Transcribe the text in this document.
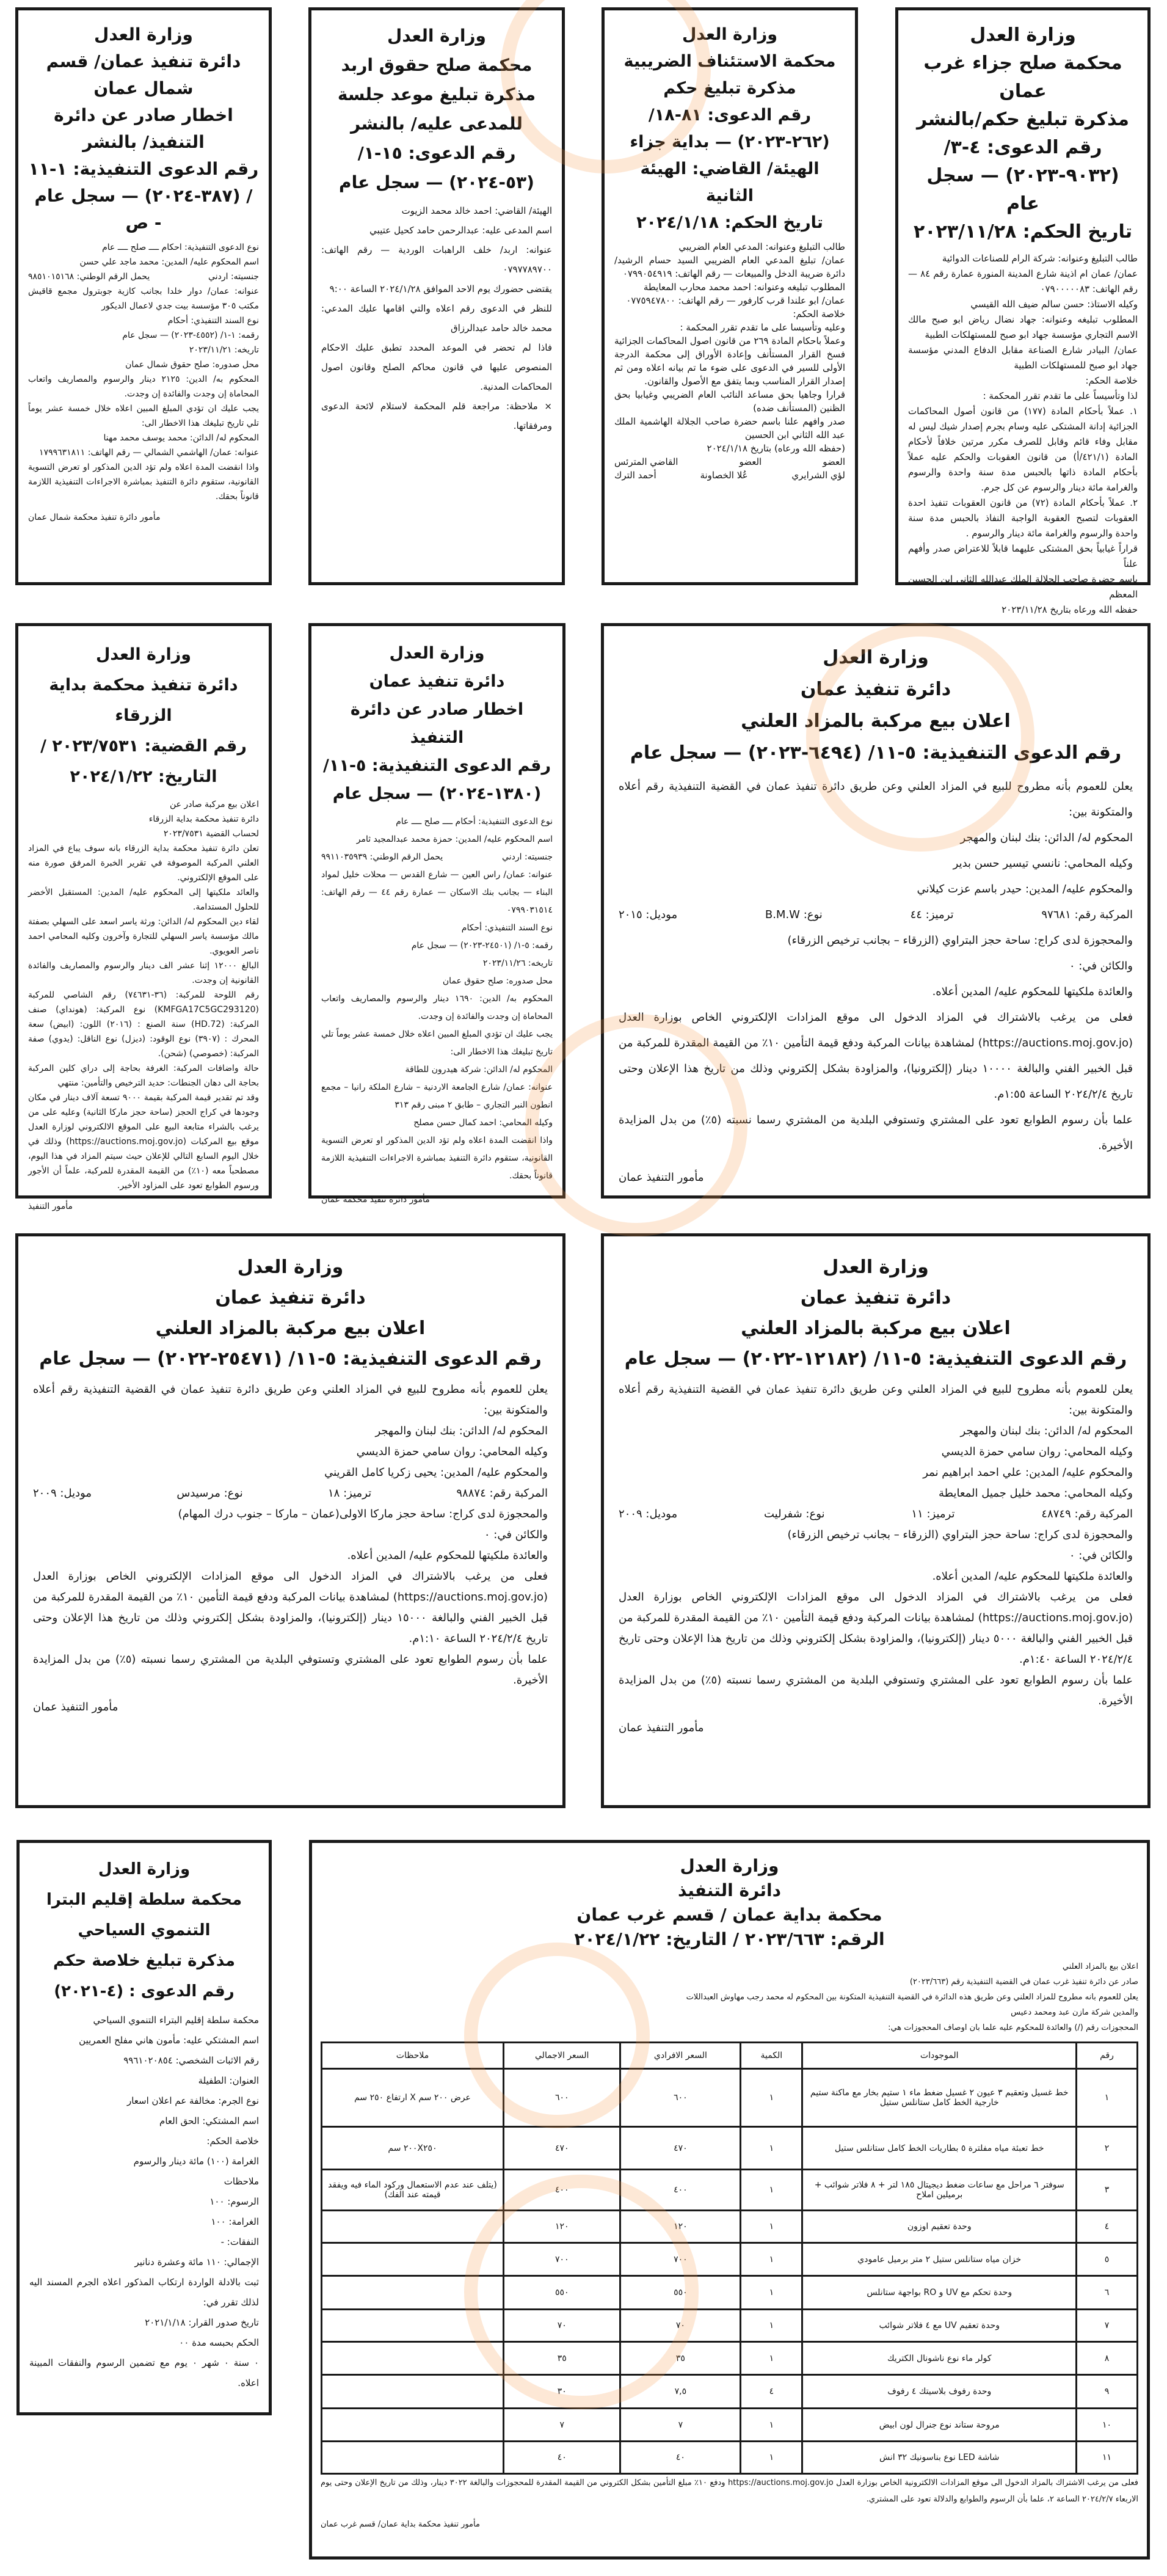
وزارة العدل
محكمة صلح جزاء غرب عمان
مذكرة تبليغ حكم/بالنشر
رقم الدعوى: ٤-٣/ (٩٠٣٢-٢٠٢٣) — سجل عام
تاريخ الحكم: ٢٠٢٣/١١/٢٨

طالب التبليغ وعنوانه: شركة الرام للصناعات الدوائية

عمان/ عمان ام اذينة شارع المدينة المنورة عمارة رقم ٨٤ — رقم الهاتف: ٠٧٩٠٠٠٠٠٨٣

وكيله الاستاذ: حسن سالم ضيف الله القيسي

المطلوب تبليغه وعنوانه: جهاد نضال رياض ابو صبح مالك الاسم التجاري مؤسسة جهاد ابو صبح للمستهلكات الطبية

عمان/ البيادر شارع الصناعة مقابل الدفاع المدني مؤسسة جهاد ابو صبح للمستهلكات الطبية

خلاصة الحكم:

لذا وتأسيساً على ما تقدم تقرر المحكمة :

١. عملاً بأحكام المادة (١٧٧) من قانون أصول المحاكمات الجزائية إدانة المشتكى عليه وسام بجرم إصدار شيك ليس له مقابل وفاء قائم وقابل للصرف مكرر مرتين خلافاً لأحكام المادة (٤٢١/١/أ) من قانون العقوبات والحكم عليه عملاً بأحكام المادة ذاتها بالحبس مدة سنة واحدة والرسوم والغرامة مائة دينار والرسوم عن كل جرم.

٢. عملاً بأحكام المادة (٧٢) من قانون العقوبات تنفيذ احدة العقوبات لتصبح العقوبة الواجبة النفاذ بالحبس مدة سنة واحدة والرسوم والغرامة مائة دينار والرسوم .

قراراً غيابياً بحق المشتكى عليهما قابلاً للاعتراض صدر وأفهم علناً

باسم حضرة صاحب الجلالة الملك عبدالله الثاني ابن الحسين المعظم

حفظه الله ورعاه بتاريخ ٢٠٢٣/١١/٢٨

وزارة العدل
محكمة الاستئناف الضريبية
مذكرة تبليغ حكم
رقم الدعوى: ٨١-١٨/ (٢٦٢-٢٠٢٣) — بداية جزاء
الهيئة/ القاضي: الهيئة الثانية
تاريخ الحكم: ٢٠٢٤/١/١٨

طالب التبليغ وعنوانه: المدعي العام الضريبي

عمان/ تبليغ المدعي العام الضريبي السيد حسام الرشيد/ دائرة ضريبة الدخل والمبيعات — رقم الهاتف: ٠٧٩٩٠٥٤٩١٩

المطلوب تبليغه وعنوانه: احمد محمد محارب المعايطة

عمان/ ابو علندا قرب كارفور — رقم الهاتف: ٠٧٧٥٩٤٧٨٠٠

خلاصة الحكم:

وعليه وتأسيسا على ما تقدم تقرر المحكمة :

وعملاً باحكام المادة ٢٦٩ من قانون اصول المحاكمات الجزائية فسخ القرار المستأنف وإعادة الأوراق إلى محكمة الدرجة الأولى للسير في الدعوى على ضوء ما تم بيانه اعلاه ومن ثم إصدار القرار المناسب وبما يتفق مع الأصول والقانون.

قرارا وجاهيا بحق مساعد النائب العام الضريبي وغيابيا بحق الظنين (المستأنف ضده)

صدر وافهم علنا باسم حضرة صاحب الجلالة الهاشمية الملك عبد الله الثاني ابن الحسين

(حفظه الله ورعاه) بتاريخ ٢٠٢٤/١/١٨

العضو
العضو
القاضي المترئس
لؤي الشرايري
عُلا الخصاونة
أحمد الترك
وزارة العدل
محكمة صلح حقوق اربد
مذكرة تبليغ موعد جلسة للمدعى عليه/ بالنشر
رقم الدعوى: ١٥-١/ (٥٣-٢٠٢٤) — سجل عام

الهيئة/ القاضي: احمد خالد محمد الزيوت

اسم المدعى عليه: عبدالرحمن حامد كحيل عتيبي

عنوانه: اربد/ خلف الراهبات الوردية — رقم الهاتف: ٠٧٩٧٧٨٩٧٠٠

يقتضى حضورك يوم الاحد الموافق ٢٠٢٤/١/٢٨ الساعة ٩:٠٠

للنظر في الدعوى رقم اعلاه والتي اقامها عليك المدعي: محمد خالد حامد عبدالرزاق

فاذا لم تحضر في الموعد المحدد تطبق عليك الاحكام المنصوص عليها في قانون محاكم الصلح وقانون اصول المحاكمات المدنية.

× ملاحظة: مراجعة قلم المحكمة لاستلام لائحة الدعوى ومرفقاتها.

وزارة العدل
دائرة تنفيذ عمان/ قسم شمال عمان
اخطار صادر عن دائرة التنفيذ/ بالنشر
رقم الدعوى التنفيذية: ١-١١ / (٣٨٧-٢٠٢٤) — سجل عام - ص

نوع الدعوى التنفيذية: احكام ــــ صلح ــــ عام

اسم المحكوم عليه/ المدين: محمد ماجد علي حسن

جنسيته: اردني
يحمل الرقم الوطني: ٩٨٥١٠١٥١٦٨

عنوانه: عمان/ دوار خلدا بجانب كازية جوبترول مجمع قاقيش مكتب ٣٠٥ مؤسسة بيت جدي لاعمال الديكور

نوع السند التنفيذي: أحكام

رقمه: ١-١/ (٤٥٥٢-٢٠٢٣) — سجل عام

تاريخه: ٢٠٢٣/١١/٢١

محل صدوره: صلح حقوق شمال عمان

المحكوم به/ الدين: ٢١٢٥ دينار والرسوم والمصاريف واتعاب المحاماة إن وجدت والفائدة إن وجدت.

يجب عليك ان تؤدي المبلغ المبين اعلاه خلال خمسة عشر يوماً تلي تاريخ تبليغك هذا الاخطار الى:

المحكوم له/ الدائن: محمد يوسف محمد مهنا

عنوانه: عمان/ الهاشمي الشمالي — رقم الهاتف: ١٧٩٩٦٣١٨١١

واذا انقضت المدة اعلاه ولم تؤد الدين المذكور او تعرض التسوية القانونية، ستقوم دائرة التنفيذ بمباشرة الاجراءات التنفيذية اللازمة قانوناً بحقك.

مأمور دائرة تنفيذ محكمة شمال عمان

وزارة العدل
دائرة تنفيذ عمان
اعلان بيع مركبة بالمزاد العلني
رقم الدعوى التنفيذية: ٥-١١/ (٦٤٩٤-٢٠٢٣) — سجل عام

يعلن للعموم بأنه مطروح للبيع في المزاد العلني وعن طريق دائرة تنفيذ عمان في القضية التنفيذية رقم أعلاه والمتكونة بين:

المحكوم له/ الدائن: بنك لبنان والمهجر

وكيله المحامي: نانسي تيسير حسن بدير

والمحكوم عليه/ المدين: حيدر باسم عزت كيلاني

المركبة رقم: ٩٧٦٨١
ترميز: ٤٤
نوع: B.M.W
موديل: ٢٠١٥

والمحجوزة لدى كراج: ساحة حجز البتراوي (الزرقاء – بجانب ترخيص الزرقاء)

والكائن في: ٠

والعائدة ملكيتها للمحكوم عليه/ المدين أعلاه.

فعلى من يرغب بالاشتراك في المزاد الدخول الى موقع المزادات الإلكتروني الخاص بوزارة العدل (https://auctions.moj.gov.jo) لمشاهدة بيانات المركبة ودفع قيمة التأمين ١٠٪ من القيمة المقدرة للمركبة من قبل الخبير الفني والبالغة ١٠٠٠٠ دينار (إلكترونيا)، والمزاودة بشكل إلكتروني وذلك من تاريخ هذا الإعلان وحتى تاريخ ٢٠٢٤/٢/٤ الساعة ١:٥٥م.

علما بأن رسوم الطوابع تعود على المشتري وتستوفي البلدية من المشتري رسما نسبته (٥٪) من بدل المزايدة الأخيرة.

مأمور التنفيذ عمان

وزارة العدل
دائرة تنفيذ عمان
اخطار صادر عن دائرة التنفيذ
رقم الدعوى التنفيذية: ٥-١١/ (١٣٨٠-٢٠٢٤) — سجل عام

نوع الدعوى التنفيذية: أحكام ــــ صلح ــــ عام

اسم المحكوم عليه/ المدين: حمزة محمد عبدالمجيد ثامر

جنسيته: اردني
يحمل الرقم الوطني: ٩٩١١٠٣٥٩٣٩

عنوانه: عمان/ راس العين — شارع القدس — محلات خليل لمواد البناء — بجانب بنك الاسكان — عمارة رقم ٤٤ — رقم الهاتف: ٠٧٩٩٠٣١٥١٤

نوع السند التنفيذي: أحكام

رقمه: ٥-١/ (٢٤٥٠١-٢٠٢٣) — سجل عام

تاريخه: ٢٠٢٣/١١/٢٦

محل صدوره: صلح حقوق عمان

المحكوم به/ الدين: ١٦٩٠ دينار والرسوم والمصاريف واتعاب المحاماة إن وجدت والفائدة إن وجدت.

يجب عليك ان تؤدي المبلغ المبين اعلاه خلال خمسة عشر يوماً تلي تاريخ تبليغك هذا الاخطار الى:

المحكوم له/ الدائن: شركة هيدرون للطاقة

عنوانه: عمان/ شارع الجامعة الاردنية – شارع الملكة رانيا – مجمع انطون النبر التجاري – طابق ٢ مبنى رقم ٣١٣

وكيله المحامي: احمد كمال حسن مصلح

واذا انقضت المدة اعلاه ولم تؤد الدين المذكور او تعرض التسوية القانونية، ستقوم دائرة التنفيذ بمباشرة الاجراءات التنفيذية اللازمة قانوناً بحقك.

مأمور دائرة تنفيذ محكمة عمان

وزارة العدل
دائرة تنفيذ محكمة بداية الزرقاء
رقم القضية: ٢٠٢٣/٧٥٣١ / التاريخ: ٢٠٢٤/١/٢٢

اعلان بيع مركبة صادر عن

دائرة تنفيذ محكمة بداية الزرقاء

لحساب القضية ٢٠٢٣/٧٥٣١

تعلن دائرة تنفيذ محكمة بداية الزرقاء بانه سوف يباع في المزاد العلني المركبة الموصوفة في تقرير الخبرة المرفق صورة منه على الموقع الإلكتروني.

والعائد ملكيتها إلى المحكوم عليه/ المدين: المستقبل الأخضر للحلول المستدامة.

لقاء دين المحكوم له/ الدائن: ورثة ياسر اسعد على السهلي بصفتة مالك مؤسسة ياسر السهلي للتجارة وآخرون وكليه المحامي احمد ناصر العويوي.

البالغ ١٢٠٠٠ إثنا عشر الف دينار والرسوم والمصاريف والفائدة القانونية إن وجدت.

رقم اللوحة للمركبة: (٣٦-٧٤٦٣١) رقم الشاصي للمركبة (KMFGA17C5GC293120) نوع المركبة: (هونداي) صنف المركبة: (HD.72) سنة الصنع : (٢٠١٦) اللون: (ابيض) سعة المحرك : (٣٩٠٧) نوع الوقود: (ديزل) نوع الناقل: (يدوي) صفة المركبة: (خصوصي) (شحن).

حالة واضافات المركبة: الغرفة بحاجة إلى دراي كلين المركبة بحاجة الى دهان الجنطات: حديد الترخيص والتأمين: منتهي

وقد تم تقدير قيمة المركبة بقيمة ٩٠٠٠ تسعة آلاف دينار في مكان وجودها في كراج الحجز (ساحة حجز ماركا الثانية) وعليه على من يرغب بالشراء متابعة البيع على الموقع الالكتروني لوزارة العدل موقع بيع المركبات (https://auctions.moj.gov.jo) وذلك في خلال اليوم السابع التالي للإعلان حيث سيتم المزاد في هذا اليوم، مصطحباً معه (١٠٪) من القيمة المقدرة للمركبة، علماً أن الأجور ورسوم الطوابع تعود على المزاود الأخير.

مأمور التنفيذ

وزارة العدل
دائرة تنفيذ عمان
اعلان بيع مركبة بالمزاد العلني
رقم الدعوى التنفيذية: ٥-١١/ (١٢١٨٢-٢٠٢٢) — سجل عام

يعلن للعموم بأنه مطروح للبيع في المزاد العلني وعن طريق دائرة تنفيذ عمان في القضية التنفيذية رقم أعلاه والمتكونة بين:

المحكوم له/ الدائن: بنك لبنان والمهجر

وكيله المحامي: روان سامي حمزة الديسي

والمحكوم عليه/ المدين: علي احمد ابراهيم نمر

وكيله المحامي: محمد خليل جميل المعايطة

المركبة رقم: ٤٨٧٤٩
ترميز: ١١
نوع: شفرليت
موديل: ٢٠٠٩

والمحجوزة لدى كراج: ساحة حجز البتراوي (الزرقاء – بجانب ترخيص الزرقاء)

والكائن في: ٠

والعائدة ملكيتها للمحكوم عليه/ المدين أعلاه.

فعلى من يرغب بالاشتراك في المزاد الدخول الى موقع المزادات الإلكتروني الخاص بوزارة العدل (https://auctions.moj.gov.jo) لمشاهدة بيانات المركبة ودفع قيمة التأمين ١٠٪ من القيمة المقدرة للمركبة من قبل الخبير الفني والبالغة ٥٠٠٠ دينار (إلكترونيا)، والمزاودة بشكل إلكتروني وذلك من تاريخ هذا الإعلان وحتى تاريخ ٢٠٢٤/٢/٤ الساعة ١:٤٠م.

علما بأن رسوم الطوابع تعود على المشتري وتستوفي البلدية من المشتري رسما نسبته (٥٪) من بدل المزايدة الأخيرة.

مأمور التنفيذ عمان

وزارة العدل
دائرة تنفيذ عمان
اعلان بيع مركبة بالمزاد العلني
رقم الدعوى التنفيذية: ٥-١١/ (٢٥٤٧١-٢٠٢٢) — سجل عام

يعلن للعموم بأنه مطروح للبيع في المزاد العلني وعن طريق دائرة تنفيذ عمان في القضية التنفيذية رقم أعلاه والمتكونة بين:

المحكوم له/ الدائن: بنك لبنان والمهجر

وكيله المحامي: روان سامي حمزة الديسي

والمحكوم عليه/ المدين: يحيى زكريا كامل القريني

المركبة رقم: ٩٨٨٧٤
ترميز: ١٨
نوع: مرسيدس
موديل: ٢٠٠٩

والمحجوزة لدى كراج: ساحة حجز ماركا الاولى(عمان – ماركا – جنوب درك المهام)

والكائن في: ٠

والعائدة ملكيتها للمحكوم عليه/ المدين أعلاه.

فعلى من يرغب بالاشتراك في المزاد الدخول الى موقع المزادات الإلكتروني الخاص بوزارة العدل (https://auctions.moj.gov.jo) لمشاهدة بيانات المركبة ودفع قيمة التأمين ١٠٪ من القيمة المقدرة للمركبة من قبل الخبير الفني والبالغة ١٥٠٠٠ دينار (إلكترونيا)، والمزاودة بشكل إلكتروني وذلك من تاريخ هذا الإعلان وحتى تاريخ ٢٠٢٤/٢/٤ الساعة ١:١٠م.

علما بأن رسوم الطوابع تعود على المشتري وتستوفي البلدية من المشتري رسما نسبته (٥٪) من بدل المزايدة الأخيرة.

مأمور التنفيذ عمان

وزارة العدل
دائرة التنفيذ
محكمة بداية عمان / قسم غرب عمان
الرقم: ٢٠٢٣/٦٦٣ / التاريخ: ٢٠٢٤/١/٢٢

اعلان بيع بالمزاد العلني

صادر عن دائرة تنفيذ غرب عمان في القضية التنفيذية رقم (٢٠٢٣/٦٦٣)

يعلن للعموم بانه مطروح للمزاد العلني وعن طريق هذه الدائرة في القضية التنفيذية المتكونة بين المحكوم له محمد رجب مهاوش العبداللات

والمدين شركة مازن عبد ومحمد دعيس

المحجوزات رقم (/) والعائدة للمحكوم عليه علما بان اوصاف المحجوزات هي:

رقم	الموجودات	الكمية	السعر الافرادي	السعر الاجمالي	ملاحظات
١	خط غسيل وتعقيم ٣ عيون ٢ غسيل ضغط ماء ١ ستيم بخار مع ماكنة ستيم خارجية الخط كامل ستانلس ستيل	١	٦٠٠	٦٠٠	عرض ٢٠٠ سم X ارتفاع ٢٥٠ سم
٢	خط تعبئة مياه مفلترة ٥ بطاريات الخط كامل ستانلس ستيل	١	٤٧٠	٤٧٠	٢٠٠X٢٥٠ سم
٣	سوفتر ٦ مراحل مع ساعات ضغط ديجيتال ١٨٥ لتر + ٨ فلاتر شوائب + برميلين املاح	١	٤٠٠	٤٠٠	(يتلف عند عدم الاستعمال وركود الماء فيه ويفقد قيمته عند الفك)
٤	وحدة تعقيم اوزون	١	١٢٠	١٢٠	
٥	خزان مياه ستانلس ستيل ٢ متر برميل عامودي	١	٧٠٠	٧٠٠	
٦	وحدة تحكم مع UV و RO بواجهة ستانلس	١	٥٥٠	٥٥٠	
٧	وحدة تعقيم UV مع ٤ فلاتر شوائب	١	٧٠	٧٠	
٨	كولر ماء نوع ناشونال الكتريك	١	٣٥	٣٥	
٩	وحدة رفوف بلاسيتك ٤ رفوف	٤	٧,٥	٣٠	
١٠	مروحة ستاند نوع جنرال لون ابيض	١	٧	٧	
١١	شاشة LED نوع بناسونيك ٣٢ انش	١	٤٠	٤٠	

فعلى من يرغب الاشتراك بالمزاد الدخول الى موقع المزادات الالكترونية الخاص بوزارة العدل https://auctions.moj.gov.jo ودفع ١٠٪ مبلغ التأمين بشكل الكتروني من القيمة المقدرة للمحجوزات والبالغة ٣٠٢٢ دينار، وذلك من تاريخ الإعلان وحتى يوم الاربعاء ٢٠٢٤/٢/٧ الساعة ٢، علما بأن الرسوم والطوابع والدلالة تعود على المشتري.

مأمور تنفيذ محكمة بداية عمان/ قسم غرب عمان

وزارة العدل
محكمة سلطة إقليم البترا التنموي السياحي
مذكرة تبليغ خلاصة حكم
رقم الدعوى : (٤-٢٠٢١)

محكمة سلطة إقليم البتراء التنموي السياحي

اسم المشتكي عليه: مأمون هاني مفلح العمريين

رقم الاثبات الشخصي: ٩٩٦١٠٢٠٨٥٤

العنوان: الطفيلة

نوع الجرم: مخالفة عم اعلان اسعار

اسم المشتكي: الحق العام

خلاصة الحكم:

الغرامة (١٠٠) مائة دينار والرسوم

ملاحظات

الرسوم: ١٠٠

الغرامة: ١٠٠

النفقات: -

الإجمالي: ١١٠ مائة وعشرة دنانير

ثبت بالادلة الواردة ارتكاب المذكور اعلاه الجرم المسند اليه لذلك تقرر في:

تاريخ صدور القرار: ٢٠٢١/١/١٨

الحكم بحبسه مدة ٠٠

٠ سنة ٠ شهر ٠ يوم مع تضمين الرسوم والنفقات المبينة اعلاه.
